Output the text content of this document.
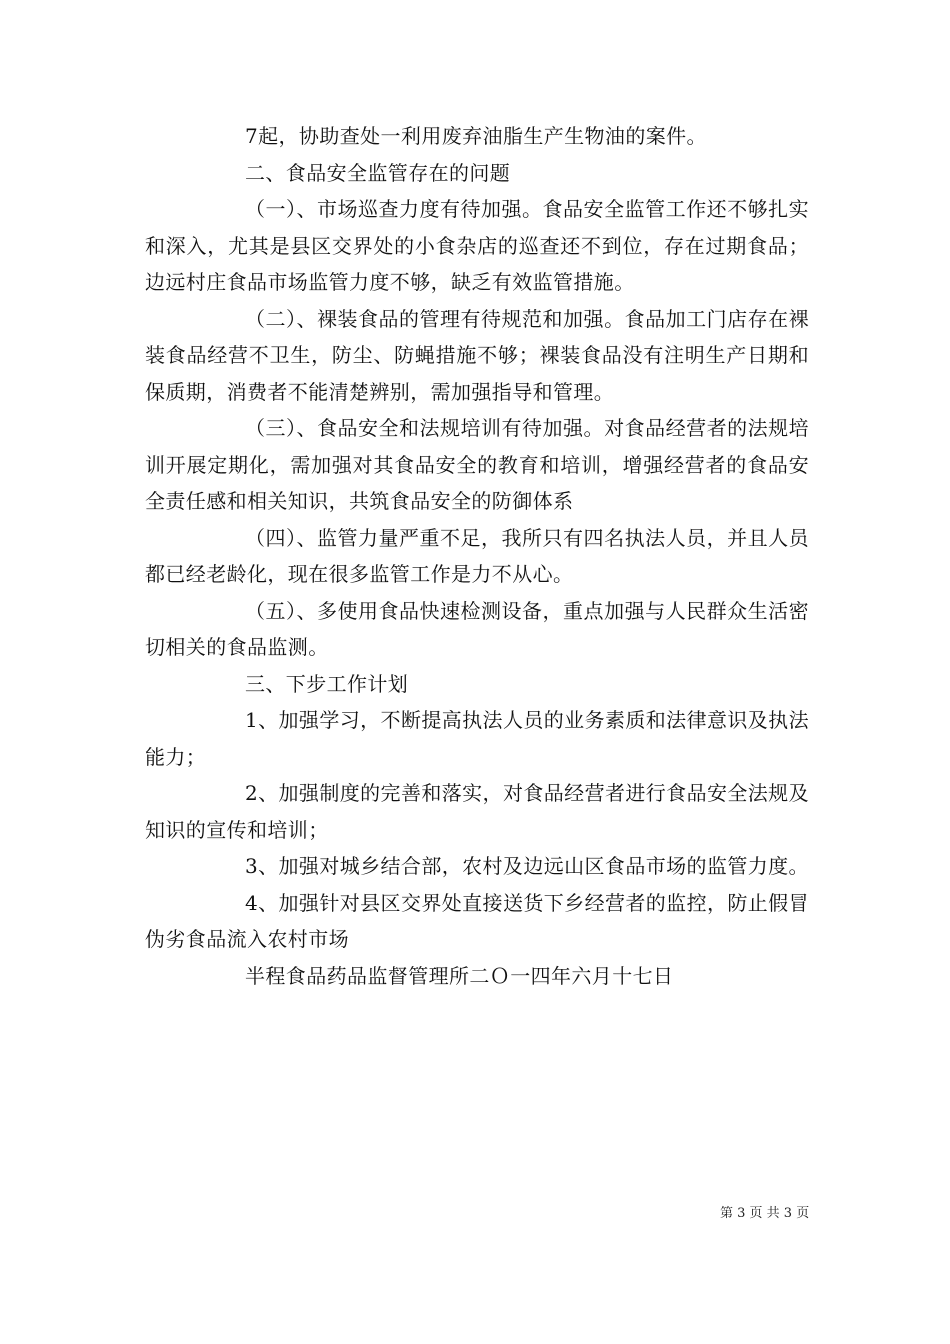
7起，协助查处一利用废弃油脂生产生物油的案件。

二、食品安全监管存在的问题

（一）、市场巡查力度有待加强。食品安全监管工作还不够扎实和深入，尤其是县区交界处的小食杂店的巡查还不到位，存在过期食品；边远村庄食品市场监管力度不够，缺乏有效监管措施。

（二）、裸装食品的管理有待规范和加强。食品加工门店存在裸装食品经营不卫生，防尘、防蝇措施不够；裸装食品没有注明生产日期和保质期，消费者不能清楚辨别，需加强指导和管理。

（三）、食品安全和法规培训有待加强。对食品经营者的法规培训开展定期化，需加强对其食品安全的教育和培训，增强经营者的食品安全责任感和相关知识，共筑食品安全的防御体系

（四）、监管力量严重不足，我所只有四名执法人员，并且人员都已经老龄化，现在很多监管工作是力不从心。

（五）、多使用食品快速检测设备，重点加强与人民群众生活密切相关的食品监测。

三、下步工作计划

1、加强学习，不断提高执法人员的业务素质和法律意识及执法能力；

2、加强制度的完善和落实，对食品经营者进行食品安全法规及知识的宣传和培训；

3、加强对城乡结合部，农村及边远山区食品市场的监管力度。

4、加强针对县区交界处直接送货下乡经营者的监控，防止假冒伪劣食品流入农村市场

半程食品药品监督管理所二Ｏ一四年六月十七日

第 3 页 共 3 页
